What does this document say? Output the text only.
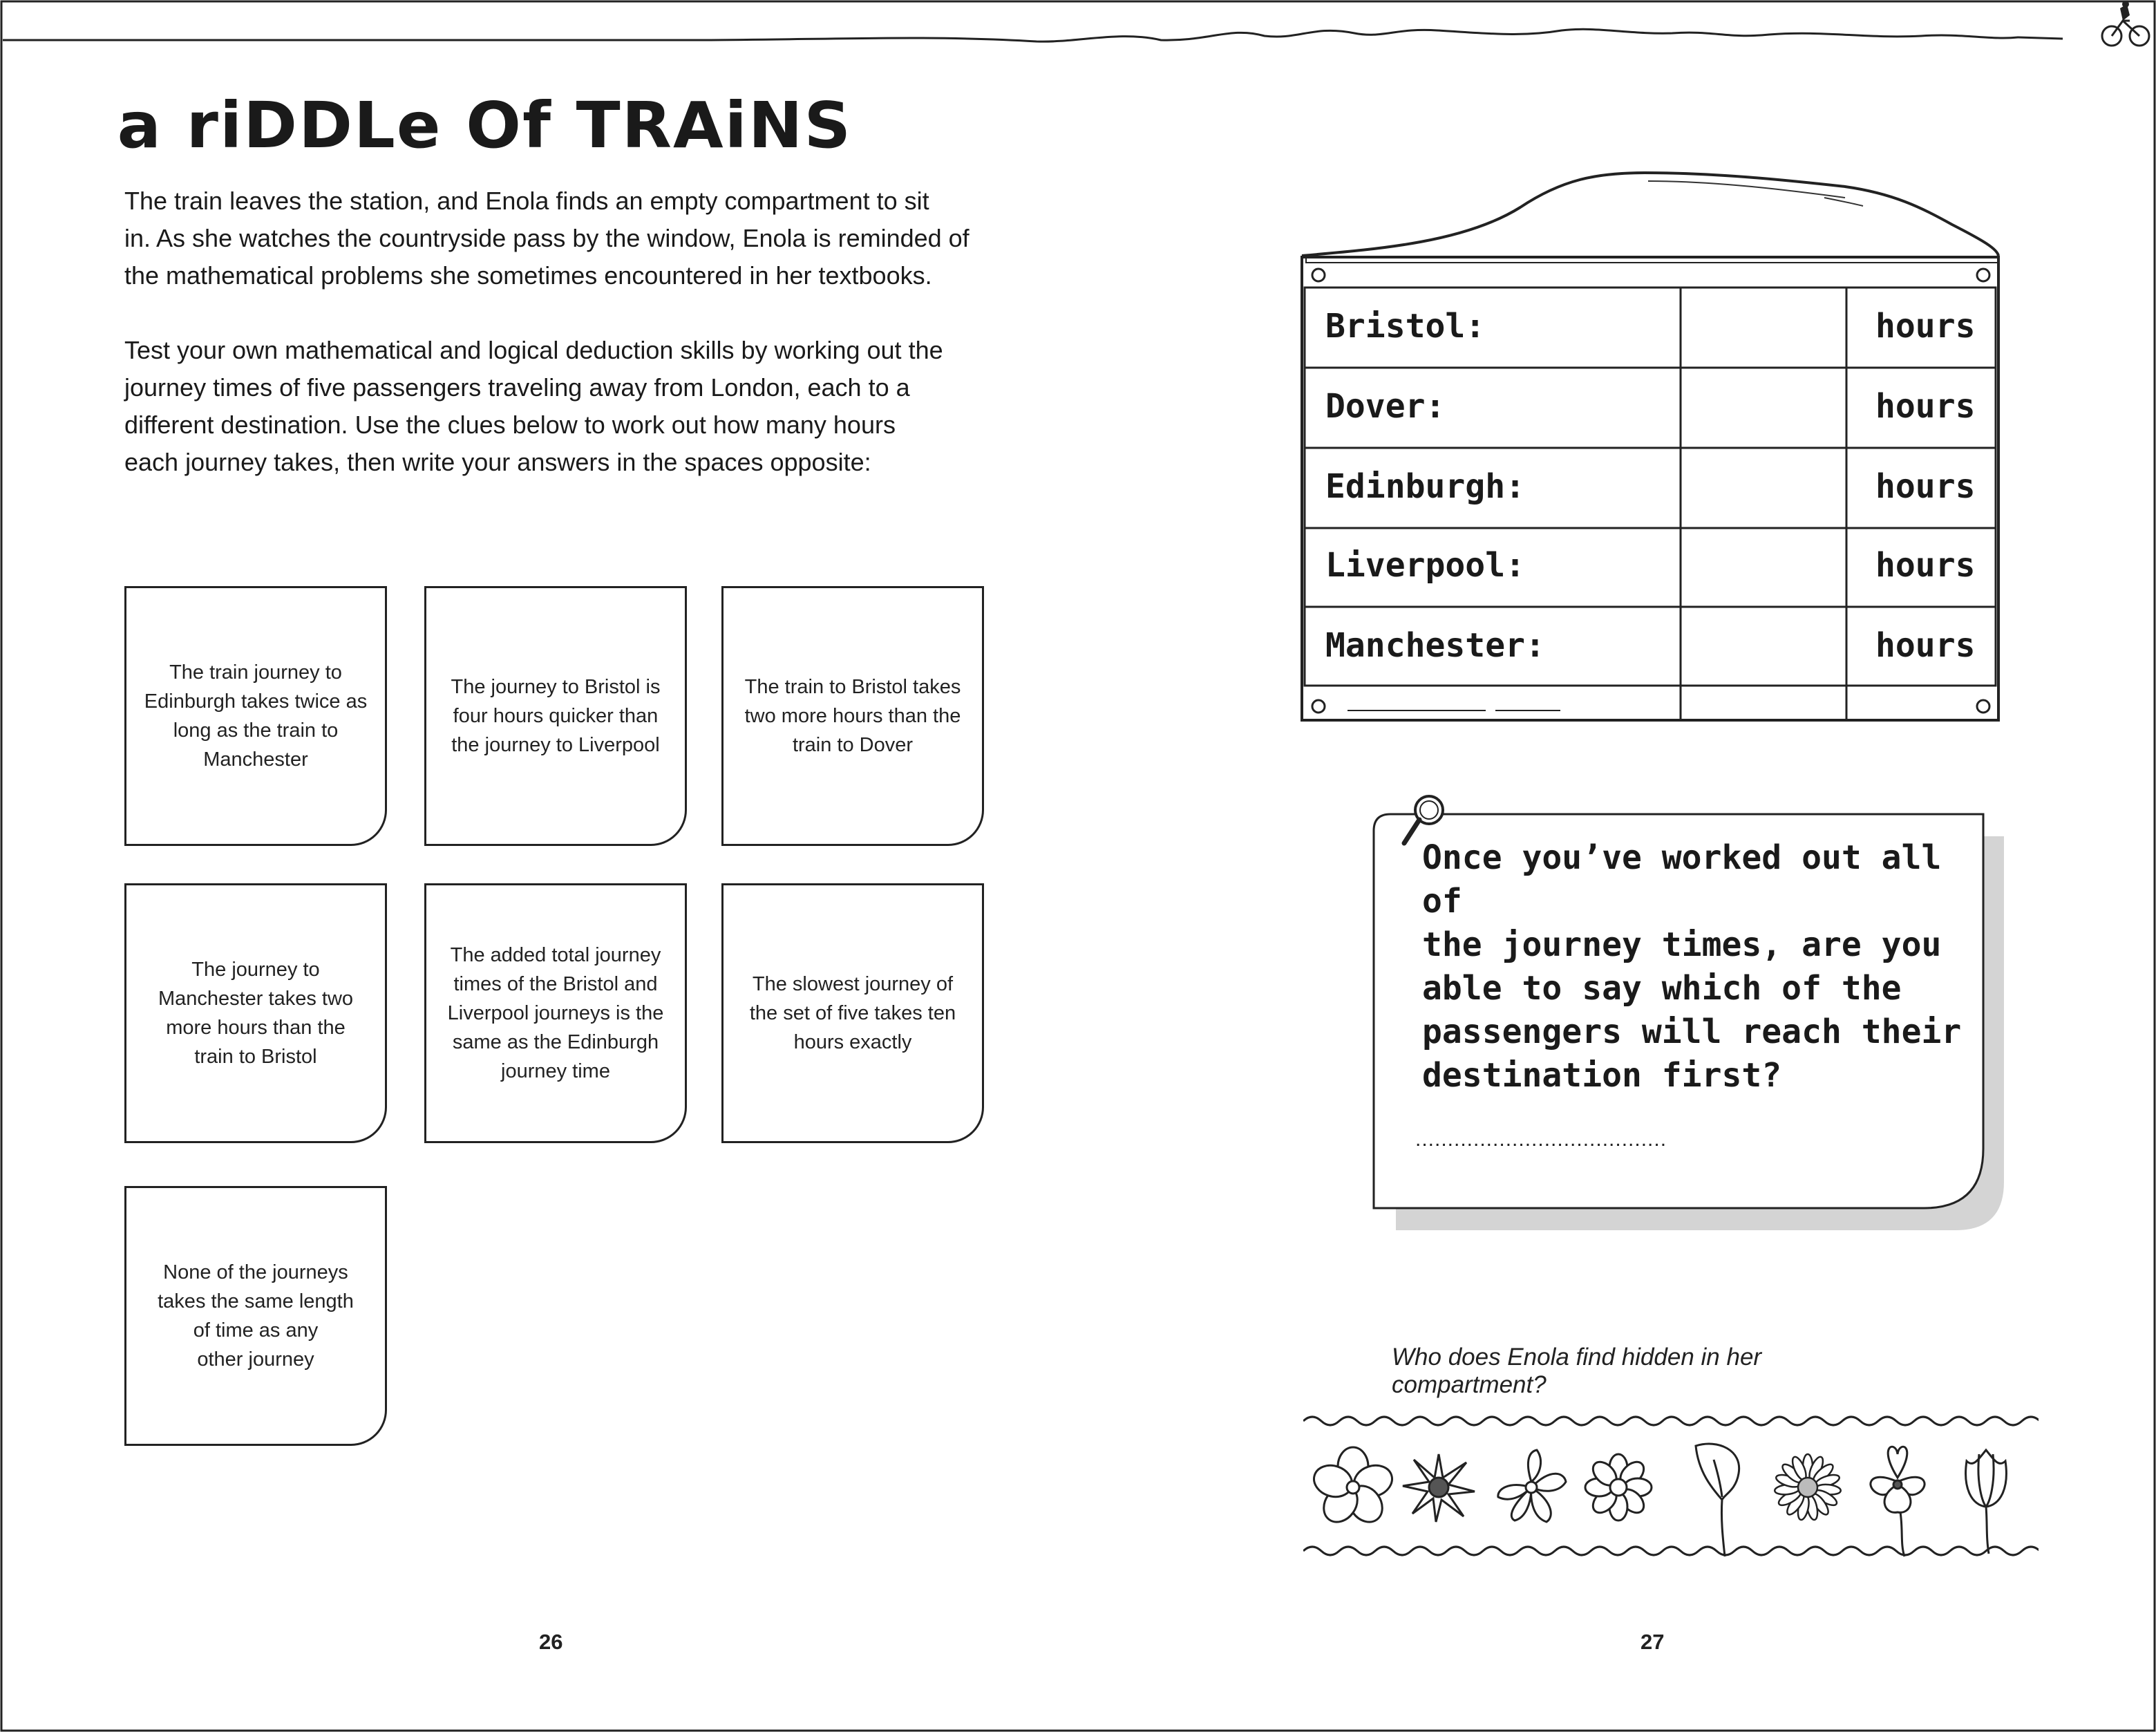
a riDDLe Of TRAiNS
The train leaves the station, and Enola finds an empty compartment to sit
in. As she watches the countryside pass by the window, Enola is reminded of
the mathematical problems she sometimes encountered in her textbooks.
Test your own mathematical and logical deduction skills by working out the
journey times of five passengers traveling away from London, each to a
different destination. Use the clues below to work out how many hours
each journey takes, then write your answers in the spaces opposite:
The train journey to
Edinburgh takes twice as
long as the train to
Manchester
The journey to Bristol is
four hours quicker than
the journey to Liverpool
The train to Bristol takes
two more hours than the
train to Dover
The journey to
Manchester takes two
more hours than the
train to Bristol
The added total journey
times of the Bristol and
Liverpool journeys is the
same as the Edinburgh
journey time
The slowest journey of
the set of five takes ten
hours exactly
None of the journeys
takes the same length
of time as any
other journey
26
Bristol:	hours
Dover:	hours
Edinburgh:	hours
Liverpool:	hours
Manchester:	hours
Once you’ve worked out all of
the journey times, are you
able to say which of the
passengers will reach their
destination first?
.......................................
Who does Enola find hidden in her compartment?
27
